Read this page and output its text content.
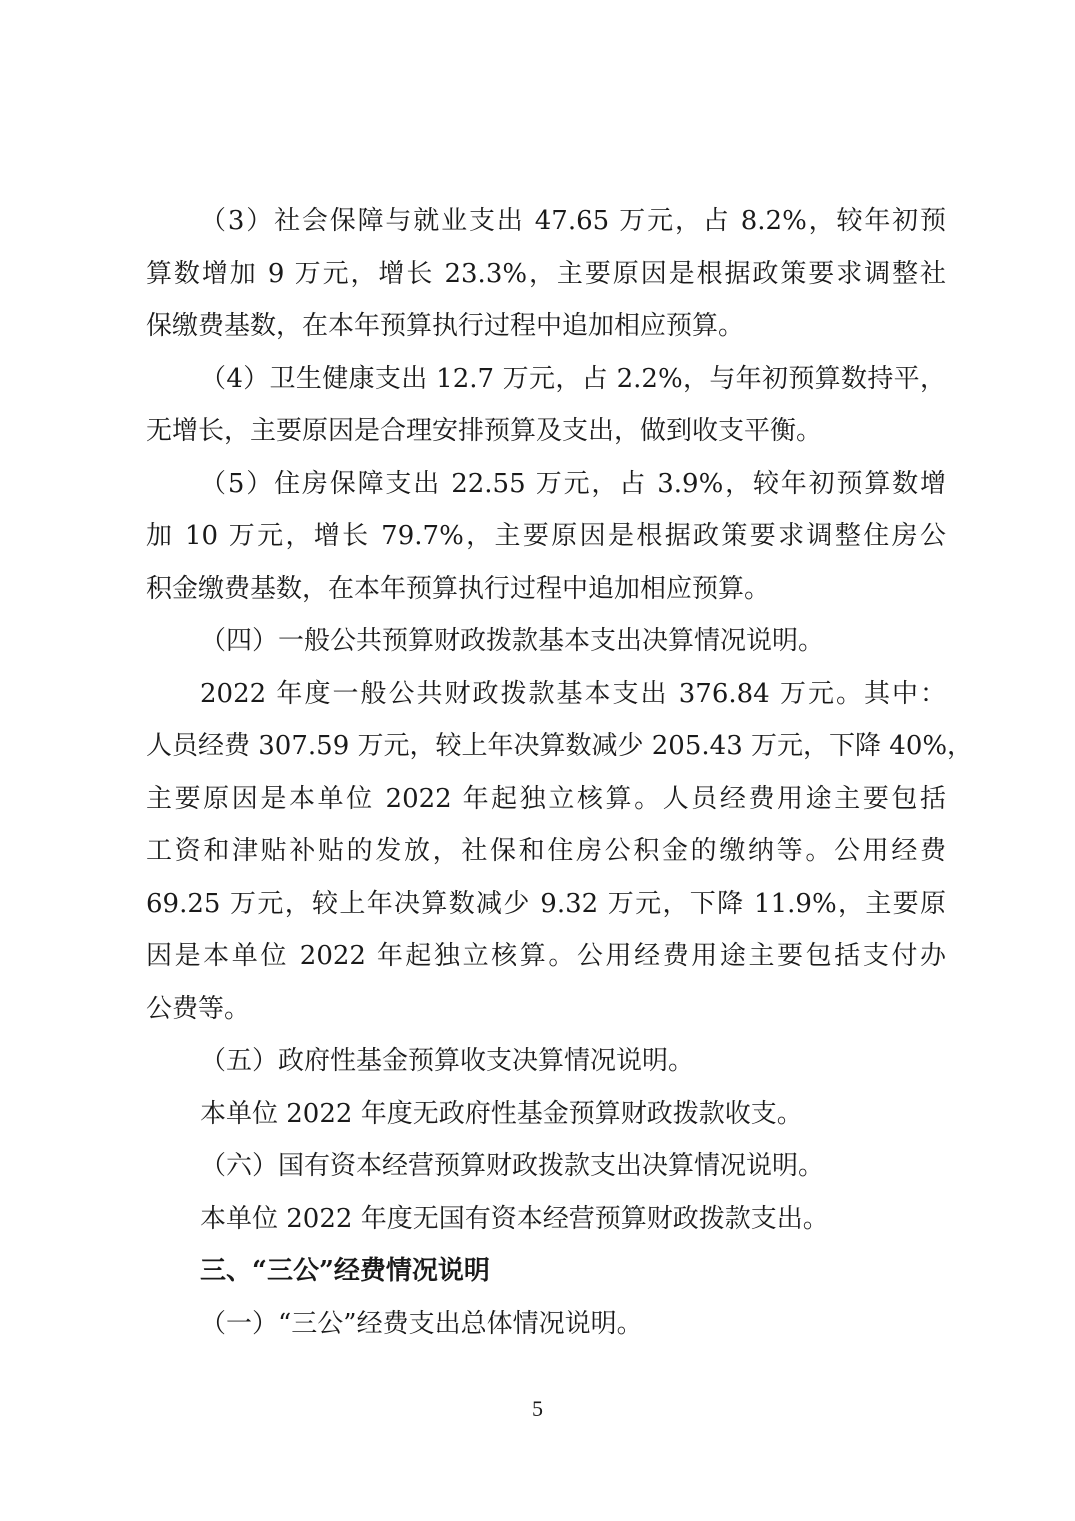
（3）社会保障与就业支出 47.65 万元，占 8.2%，较年初预
算数增加 9 万元，增长 23.3%，主要原因是根据政策要求调整社
保缴费基数，在本年预算执行过程中追加相应预算。
（4）卫生健康支出 12.7 万元，占 2.2%，与年初预算数持平，
无增长，主要原因是合理安排预算及支出，做到收支平衡。
（5）住房保障支出 22.55 万元，占 3.9%，较年初预算数增
加 10 万元，增长 79.7%，主要原因是根据政策要求调整住房公
积金缴费基数，在本年预算执行过程中追加相应预算。
（四）一般公共预算财政拨款基本支出决算情况说明。
2022 年度一般公共财政拨款基本支出 376.84 万元。其中：
人员经费 307.59 万元，较上年决算数减少 205.43 万元，下降 40%，
主要原因是本单位 2022 年起独立核算。人员经费用途主要包括
工资和津贴补贴的发放，社保和住房公积金的缴纳等。公用经费
69.25 万元，较上年决算数减少 9.32 万元，下降 11.9%，主要原
因是本单位 2022 年起独立核算。公用经费用途主要包括支付办
公费等。
（五）政府性基金预算收支决算情况说明。
本单位 2022 年度无政府性基金预算财政拨款收支。
（六）国有资本经营预算财政拨款支出决算情况说明。
本单位 2022 年度无国有资本经营预算财政拨款支出。
三、“三公”经费情况说明
（一）“三公”经费支出总体情况说明。
5
